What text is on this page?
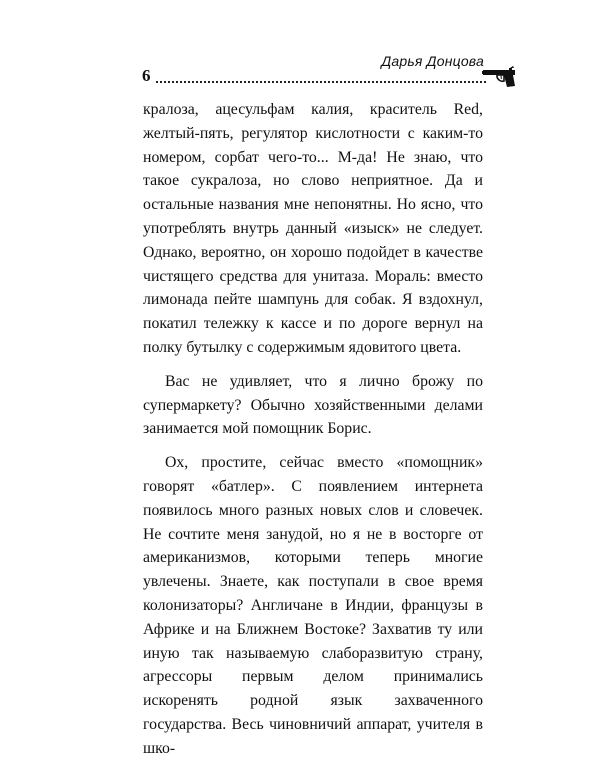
6
Дарья Донцова

кралоза, ацесульфам калия, краситель Red, желтый-пять, регулятор кислотности с каким-то номером, сорбат чего-то... М-да! Не знаю, что такое сукралоза, но слово неприятное. Да и остальные названия мне непонятны. Но ясно, что употреблять внутрь данный «изыск» не следует. Однако, вероятно, он хорошо подойдет в качестве чистящего средства для унитаза. Мораль: вместо лимонада пейте шампунь для собак. Я вздохнул, покатил тележку к кассе и по дороге вернул на полку бутылку с содержимым ядовитого цвета.

Вас не удивляет, что я лично брожу по супермаркету? Обычно хозяйственными делами занимается мой помощник Борис.

Ох, простите, сейчас вместо «помощник» говорят «батлер». С появлением интернета появилось много разных новых слов и словечек. Не сочтите меня занудой, но я не в восторге от американизмов, которыми теперь многие увлечены. Знаете, как поступали в свое время колонизаторы? Англичане в Индии, французы в Африке и на Ближнем Востоке? Захватив ту или иную так называемую слаборазвитую страну, агрессоры первым делом принимались искоренять родной язык захваченного государства. Весь чиновничий аппарат, учителя в шко-
